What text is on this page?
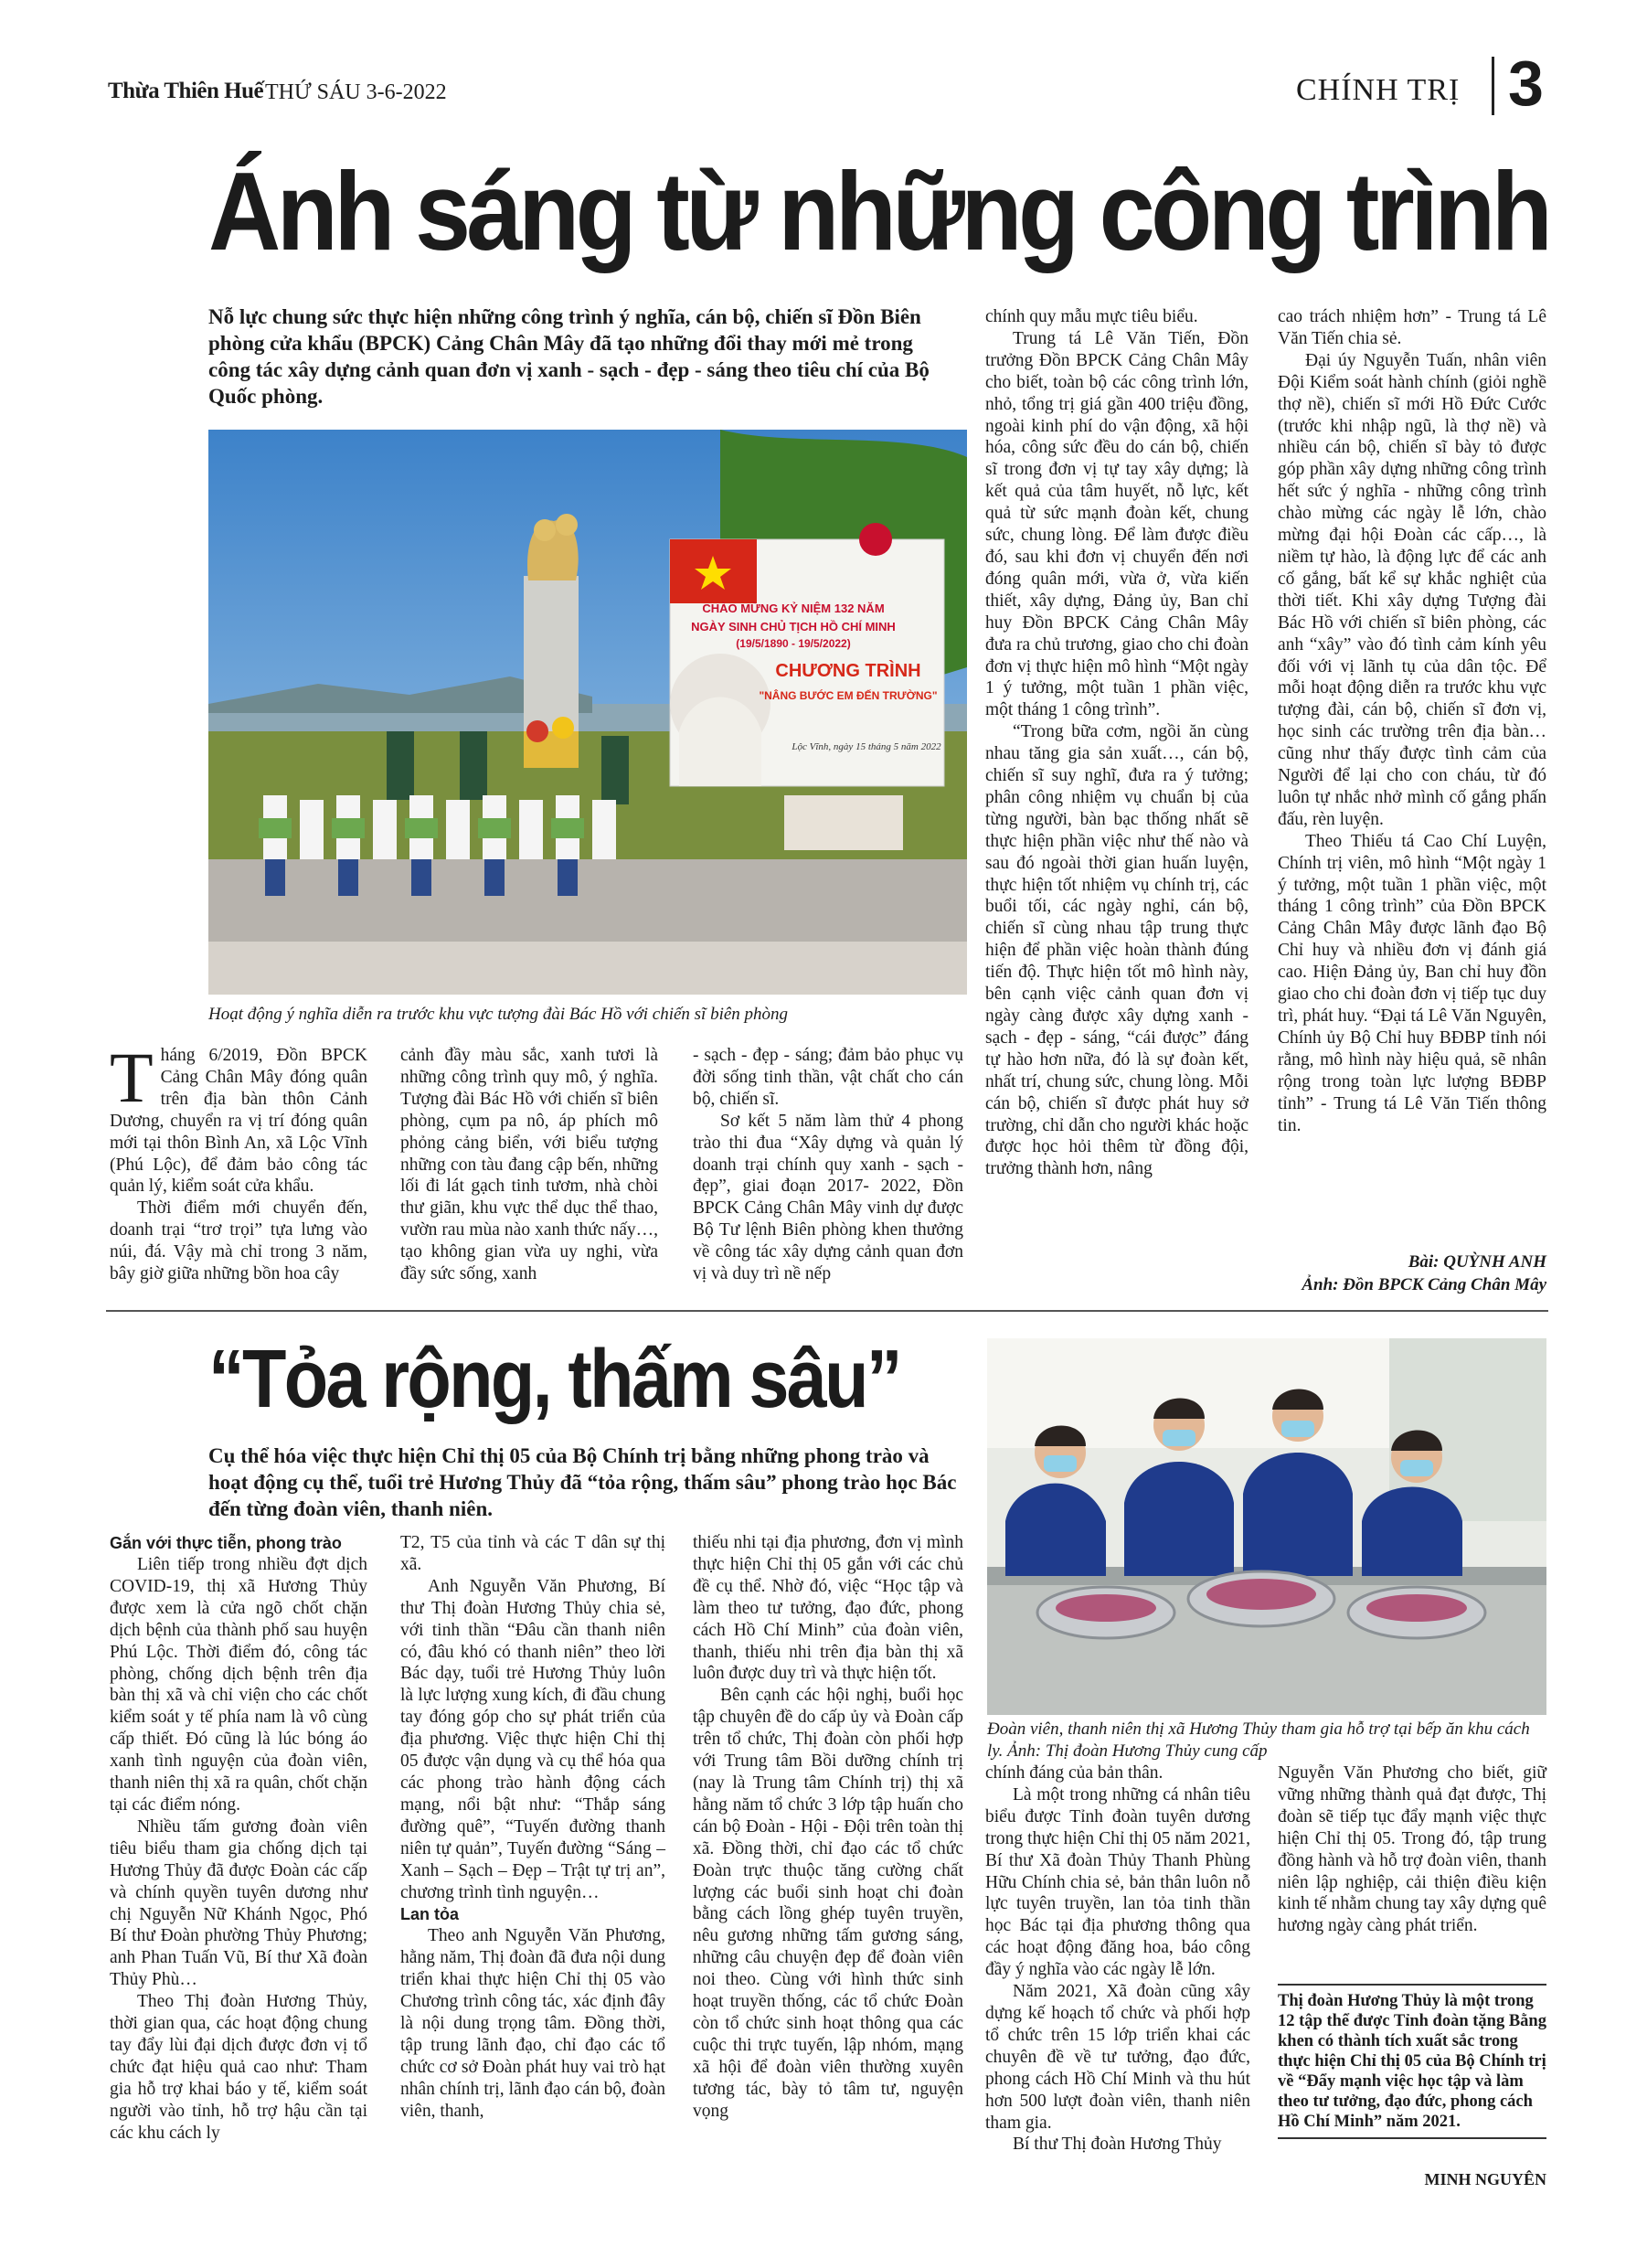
Thừa Thiên Huế THỨ SÁU 3-6-2022	CHÍNH TRỊ 3
Ánh sáng từ những công trình
Nỗ lực chung sức thực hiện những công trình ý nghĩa, cán bộ, chiến sĩ Đồn Biên phòng cửa khẩu (BPCK) Cảng Chân Mây đã tạo những đổi thay mới mẻ trong công tác xây dựng cảnh quan đơn vị xanh - sạch - đẹp - sáng theo tiêu chí của Bộ Quốc phòng.
CHÀO MỪNG KỶ NIỆM 132 NĂM
NGÀY SINH CHỦ TỊCH HỒ CHÍ MINH
(19/5/1890 - 19/5/2022)
CHƯƠNG TRÌNH
"NÂNG BƯỚC EM ĐẾN TRƯỜNG"
Lộc Vĩnh, ngày 15 tháng 5 năm 2022
Hoạt động ý nghĩa diễn ra trước khu vực tượng đài Bác Hồ với chiến sĩ biên phòng

Tháng 6/2019, Đồn BPCK Cảng Chân Mây đóng quân trên địa bàn thôn Cảnh Dương, chuyển ra vị trí đóng quân mới tại thôn Bình An, xã Lộc Vĩnh (Phú Lộc), để đảm bảo công tác quản lý, kiểm soát cửa khẩu.

Thời điểm mới chuyển đến, doanh trại “trơ trọi” tựa lưng vào núi, đá. Vậy mà chỉ trong 3 năm, bây giờ giữa những bồn hoa cây

cảnh đầy màu sắc, xanh tươi là những công trình quy mô, ý nghĩa. Tượng đài Bác Hồ với chiến sĩ biên phòng, cụm pa nô, áp phích mô phỏng cảng biển, với biểu tượng những con tàu đang cập bến, những lối đi lát gạch tinh tươm, nhà chòi thư giãn, khu vực thể dục thể thao, vườn rau mùa nào xanh thức nấy…, tạo không gian vừa uy nghi, vừa đầy sức sống, xanh

- sạch - đẹp - sáng; đảm bảo phục vụ đời sống tinh thần, vật chất cho cán bộ, chiến sĩ.

Sơ kết 5 năm làm thử 4 phong trào thi đua “Xây dựng và quản lý doanh trại chính quy xanh - sạch - đẹp”, giai đoạn 2017- 2022, Đồn BPCK Cảng Chân Mây vinh dự được Bộ Tư lệnh Biên phòng khen thưởng về công tác xây dựng cảnh quan đơn vị và duy trì nề nếp

chính quy mẫu mực tiêu biểu.

Trung tá Lê Văn Tiến, Đồn trưởng Đồn BPCK Cảng Chân Mây cho biết, toàn bộ các công trình lớn, nhỏ, tổng trị giá gần 400 triệu đồng, ngoài kinh phí do vận động, xã hội hóa, công sức đều do cán bộ, chiến sĩ trong đơn vị tự tay xây dựng; là kết quả của tâm huyết, nỗ lực, kết quả từ sức mạnh đoàn kết, chung sức, chung lòng. Để làm được điều đó, sau khi đơn vị chuyển đến nơi đóng quân mới, vừa ở, vừa kiến thiết, xây dựng, Đảng ủy, Ban chỉ huy Đồn BPCK Cảng Chân Mây đưa ra chủ trương, giao cho chi đoàn đơn vị thực hiện mô hình “Một ngày 1 ý tưởng, một tuần 1 phần việc, một tháng 1 công trình”.

“Trong bữa cơm, ngồi ăn cùng nhau tăng gia sản xuất…, cán bộ, chiến sĩ suy nghĩ, đưa ra ý tưởng; phân công nhiệm vụ chuẩn bị của từng người, bàn bạc thống nhất sẽ thực hiện phần việc như thế nào và sau đó ngoài thời gian huấn luyện, thực hiện tốt nhiệm vụ chính trị, các buổi tối, các ngày nghỉ, cán bộ, chiến sĩ cùng nhau tập trung thực hiện để phần việc hoàn thành đúng tiến độ. Thực hiện tốt mô hình này, bên cạnh việc cảnh quan đơn vị ngày càng được xây dựng xanh - sạch - đẹp - sáng, “cái được” đáng tự hào hơn nữa, đó là sự đoàn kết, nhất trí, chung sức, chung lòng. Mỗi cán bộ, chiến sĩ được phát huy sở trường, chỉ dẫn cho người khác hoặc được học hỏi thêm từ đồng đội, trưởng thành hơn, nâng

cao trách nhiệm hơn” - Trung tá Lê Văn Tiến chia sẻ.

Đại úy Nguyễn Tuấn, nhân viên Đội Kiểm soát hành chính (giỏi nghề thợ nề), chiến sĩ mới Hồ Đức Cước (trước khi nhập ngũ, là thợ nề) và nhiều cán bộ, chiến sĩ bày tỏ được góp phần xây dựng những công trình hết sức ý nghĩa - những công trình chào mừng các ngày lễ lớn, chào mừng đại hội Đoàn các cấp…, là niềm tự hào, là động lực để các anh cố gắng, bất kể sự khắc nghiệt của thời tiết. Khi xây dựng Tượng đài Bác Hồ với chiến sĩ biên phòng, các anh “xây” vào đó tình cảm kính yêu đối với vị lãnh tụ của dân tộc. Để mỗi hoạt động diễn ra trước khu vực tượng đài, cán bộ, chiến sĩ đơn vị, học sinh các trường trên địa bàn… cũng như thấy được tình cảm của Người để lại cho con cháu, từ đó luôn tự nhắc nhở mình cố gắng phấn đấu, rèn luyện.

Theo Thiếu tá Cao Chí Luyện, Chính trị viên, mô hình “Một ngày 1 ý tưởng, một tuần 1 phần việc, một tháng 1 công trình” của Đồn BPCK Cảng Chân Mây được lãnh đạo Bộ Chỉ huy và nhiều đơn vị đánh giá cao. Hiện Đảng ủy, Ban chỉ huy đồn giao cho chi đoàn đơn vị tiếp tục duy trì, phát huy. “Đại tá Lê Văn Nguyên, Chính ủy Bộ Chỉ huy BĐBP tỉnh nói rằng, mô hình này hiệu quả, sẽ nhân rộng trong toàn lực lượng BĐBP tỉnh” - Trung tá Lê Văn Tiến thông tin.

Bài: QUỲNH ANH
Ảnh: Đồn BPCK Cảng Chân Mây
“Tỏa rộng, thấm sâu”
Cụ thể hóa việc thực hiện Chỉ thị 05 của Bộ Chính trị bằng những phong trào và hoạt động cụ thể, tuổi trẻ Hương Thủy đã “tỏa rộng, thấm sâu” phong trào học Bác đến từng đoàn viên, thanh niên.
Đoàn viên, thanh niên thị xã Hương Thủy tham gia hỗ trợ tại bếp ăn khu cách ly. Ảnh: Thị đoàn Hương Thủy cung cấp
Gắn với thực tiễn, phong trào

Liên tiếp trong nhiều đợt dịch COVID-19, thị xã Hương Thủy được xem là cửa ngõ chốt chặn dịch bệnh của thành phố sau huyện Phú Lộc. Thời điểm đó, công tác phòng, chống dịch bệnh trên địa bàn thị xã và chỉ viện cho các chốt kiểm soát y tế phía nam là vô cùng cấp thiết. Đó cũng là lúc bóng áo xanh tình nguyện của đoàn viên, thanh niên thị xã ra quân, chốt chặn tại các điểm nóng.

Nhiều tấm gương đoàn viên tiêu biểu tham gia chống dịch tại Hương Thủy đã được Đoàn các cấp và chính quyền tuyên dương như chị Nguyễn Nữ Khánh Ngọc, Phó Bí thư Đoàn phường Thủy Phương; anh Phan Tuấn Vũ, Bí thư Xã đoàn Thủy Phù…

Theo Thị đoàn Hương Thủy, thời gian qua, các hoạt động chung tay đẩy lùi đại dịch được đơn vị tổ chức đạt hiệu quả cao như: Tham gia hỗ trợ khai báo y tế, kiểm soát người vào tỉnh, hỗ trợ hậu cần tại các khu cách ly

T2, T5 của tỉnh và các T dân sự thị xã.

Anh Nguyễn Văn Phương, Bí thư Thị đoàn Hương Thủy chia sẻ, với tinh thần “Đâu cần thanh niên có, đâu khó có thanh niên” theo lời Bác dạy, tuổi trẻ Hương Thủy luôn là lực lượng xung kích, đi đầu chung tay đóng góp cho sự phát triển của địa phương. Việc thực hiện Chỉ thị 05 được vận dụng và cụ thể hóa qua các phong trào hành động cách mạng, nổi bật như: “Thắp sáng đường quê”, “Tuyến đường thanh niên tự quản”, Tuyến đường “Sáng – Xanh – Sạch – Đẹp – Trật tự trị an”, chương trình tình nguyện…

Lan tỏa

Theo anh Nguyễn Văn Phương, hằng năm, Thị đoàn đã đưa nội dung triển khai thực hiện Chỉ thị 05 vào Chương trình công tác, xác định đây là nội dung trọng tâm. Đồng thời, tập trung lãnh đạo, chỉ đạo các tổ chức cơ sở Đoàn phát huy vai trò hạt nhân chính trị, lãnh đạo cán bộ, đoàn viên, thanh,

thiếu nhi tại địa phương, đơn vị mình thực hiện Chỉ thị 05 gắn với các chủ đề cụ thể. Nhờ đó, việc “Học tập và làm theo tư tưởng, đạo đức, phong cách Hồ Chí Minh” của đoàn viên, thanh, thiếu nhi trên địa bàn thị xã luôn được duy trì và thực hiện tốt.

Bên cạnh các hội nghị, buổi học tập chuyên đề do cấp ủy và Đoàn cấp trên tổ chức, Thị đoàn còn phối hợp với Trung tâm Bồi dưỡng chính trị (nay là Trung tâm Chính trị) thị xã hằng năm tổ chức 3 lớp tập huấn cho cán bộ Đoàn - Hội - Đội trên toàn thị xã. Đồng thời, chỉ đạo các tổ chức Đoàn trực thuộc tăng cường chất lượng các buổi sinh hoạt chi đoàn bằng cách lồng ghép tuyên truyền, nêu gương những tấm gương sáng, những câu chuyện đẹp để đoàn viên noi theo. Cùng với hình thức sinh hoạt truyền thống, các tổ chức Đoàn còn tổ chức sinh hoạt thông qua các cuộc thi trực tuyến, lập nhóm, mạng xã hội để đoàn viên thường xuyên tương tác, bày tỏ tâm tư, nguyện vọng

chính đáng của bản thân.

Là một trong những cá nhân tiêu biểu được Tỉnh đoàn tuyên dương trong thực hiện Chỉ thị 05 năm 2021, Bí thư Xã đoàn Thủy Thanh Phùng Hữu Chính chia sẻ, bản thân luôn nỗ lực tuyên truyền, lan tỏa tinh thần học Bác tại địa phương thông qua các hoạt động đăng hoa, báo công đầy ý nghĩa vào các ngày lễ lớn.

Năm 2021, Xã đoàn cũng xây dựng kế hoạch tổ chức và phối hợp tổ chức trên 15 lớp triển khai các chuyên đề về tư tưởng, đạo đức, phong cách Hồ Chí Minh và thu hút hơn 500 lượt đoàn viên, thanh niên tham gia.

Bí thư Thị đoàn Hương Thủy

Nguyễn Văn Phương cho biết, giữ vững những thành quả đạt được, Thị đoàn sẽ tiếp tục đẩy mạnh việc thực hiện Chỉ thị 05. Trong đó, tập trung đồng hành và hỗ trợ đoàn viên, thanh niên lập nghiệp, cải thiện điều kiện kinh tế nhằm chung tay xây dựng quê hương ngày càng phát triển.

Thị đoàn Hương Thủy là một trong 12 tập thể được Tỉnh đoàn tặng Bằng khen có thành tích xuất sắc trong thực hiện Chỉ thị 05 của Bộ Chính trị về “Đẩy mạnh việc học tập và làm theo tư tưởng, đạo đức, phong cách Hồ Chí Minh” năm 2021.
MINH NGUYÊN
